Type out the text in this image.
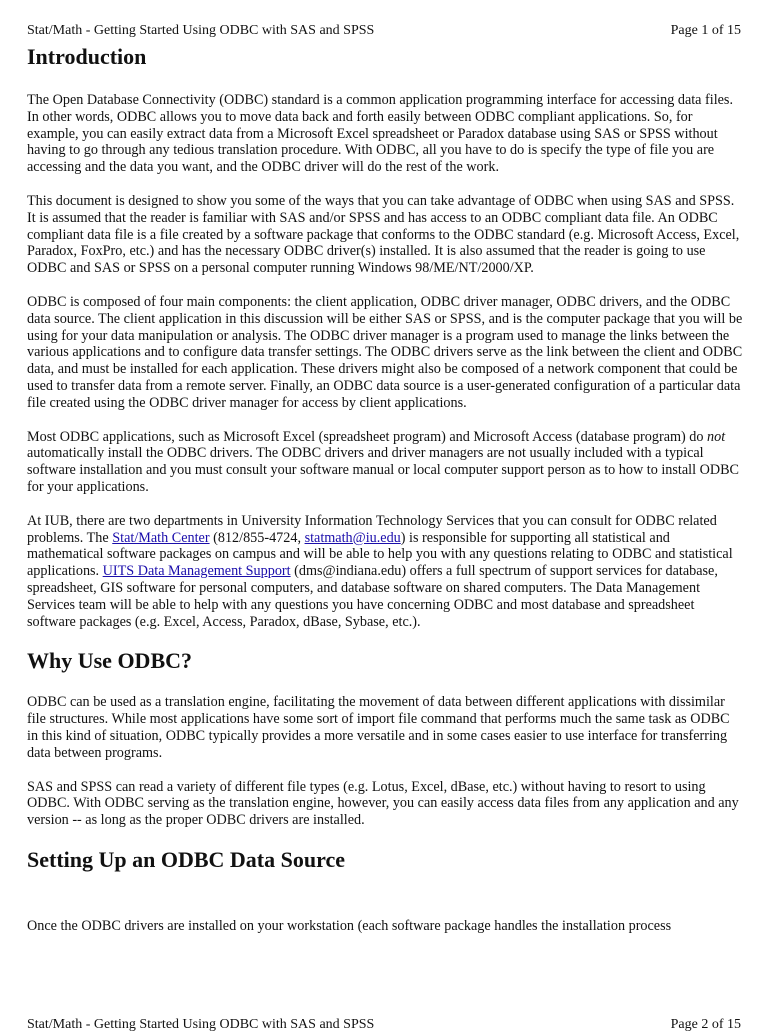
Stat/Math - Getting Started Using ODBC with SAS and SPSS	Page 1 of 15
Introduction

The Open Database Connectivity (ODBC) standard is a common application programming interface for accessing data files. In other words, ODBC allows you to move data back and forth easily between ODBC compliant applications. So, for example, you can easily extract data from a Microsoft Excel spreadsheet or Paradox database using SAS or SPSS without having to go through any tedious translation procedure. With ODBC, all you have to do is specify the type of file you are accessing and the data you want, and the ODBC driver will do the rest of the work.

This document is designed to show you some of the ways that you can take advantage of ODBC when using SAS and SPSS. It is assumed that the reader is familiar with SAS and/or SPSS and has access to an ODBC compliant data file. An ODBC compliant data file is a file created by a software package that conforms to the ODBC standard (e.g. Microsoft Access, Excel, Paradox, FoxPro, etc.) and has the necessary ODBC driver(s) installed. It is also assumed that the reader is going to use ODBC and SAS or SPSS on a personal computer running Windows 98/ME/NT/2000/XP.

ODBC is composed of four main components: the client application, ODBC driver manager, ODBC drivers, and the ODBC data source. The client application in this discussion will be either SAS or SPSS, and is the computer package that you will be using for your data manipulation or analysis. The ODBC driver manager is a program used to manage the links between the various applications and to configure data transfer settings. The ODBC drivers serve as the link between the client and ODBC data, and must be installed for each application. These drivers might also be composed of a network component that could be used to transfer data from a remote server. Finally, an ODBC data source is a user-generated configuration of a particular data file created using the ODBC driver manager for access by client applications.

Most ODBC applications, such as Microsoft Excel (spreadsheet program) and Microsoft Access (database program) do not automatically install the ODBC drivers. The ODBC drivers and driver managers are not usually included with a typical software installation and you must consult your software manual or local computer support person as to how to install ODBC for your applications.

At IUB, there are two departments in University Information Technology Services that you can consult for ODBC related problems. The Stat/Math Center (812/855-4724, statmath@iu.edu) is responsible for supporting all statistical and mathematical software packages on campus and will be able to help you with any questions relating to ODBC and statistical applications. UITS Data Management Support (dms@indiana.edu) offers a full spectrum of support services for database, spreadsheet, GIS software for personal computers, and database software on shared computers. The Data Management Services team will be able to help with any questions you have concerning ODBC and most database and spreadsheet software packages (e.g. Excel, Access, Paradox, dBase, Sybase, etc.).

Why Use ODBC?

ODBC can be used as a translation engine, facilitating the movement of data between different applications with dissimilar file structures. While most applications have some sort of import file command that performs much the same task as ODBC in this kind of situation, ODBC typically provides a more versatile and in some cases easier to use interface for transferring data between programs.

SAS and SPSS can read a variety of different file types (e.g. Lotus, Excel, dBase, etc.) without having to resort to using ODBC. With ODBC serving as the translation engine, however, you can easily access data files from any application and any version -- as long as the proper ODBC drivers are installed.

Setting Up an ODBC Data Source
Once the ODBC drivers are installed on your workstation (each software package handles the installation process
Stat/Math - Getting Started Using ODBC with SAS and SPSS	Page 2 of 15
